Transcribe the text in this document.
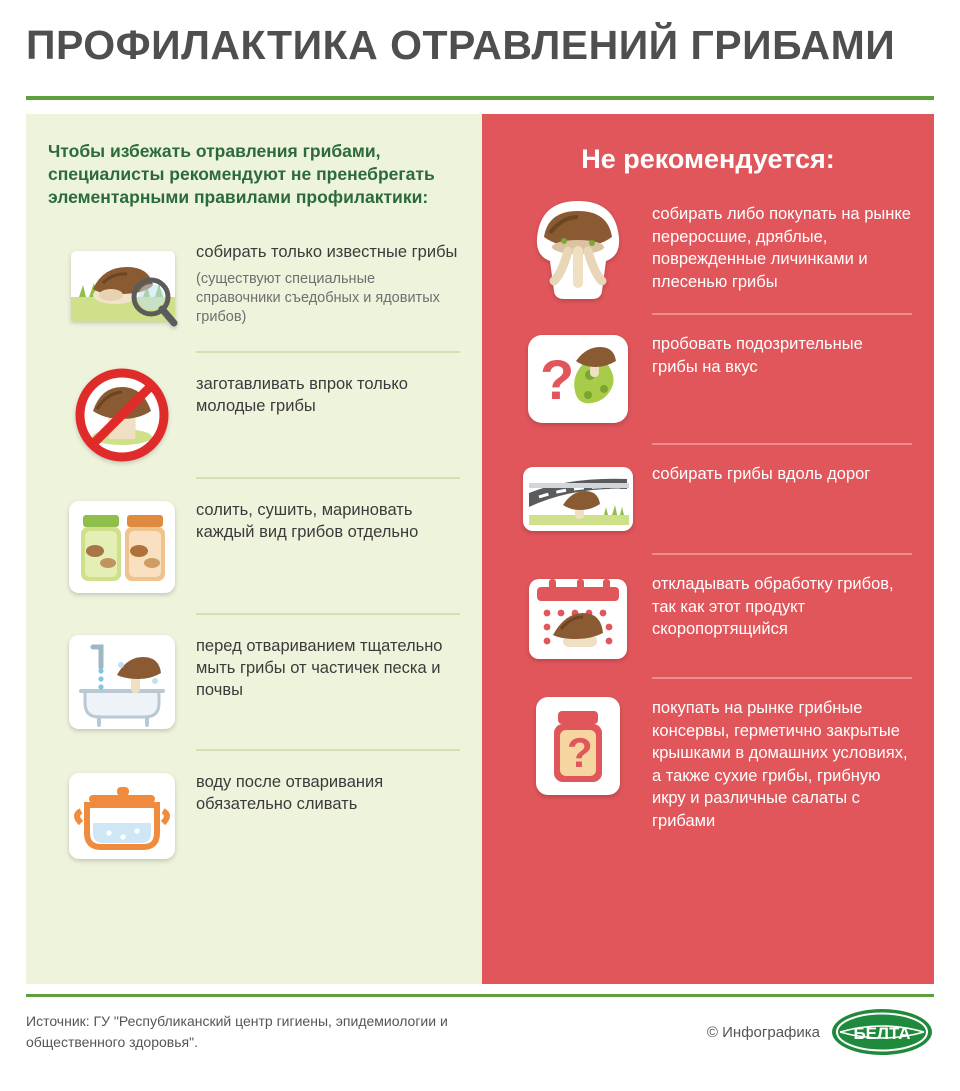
ПРОФИЛАКТИКА ОТРАВЛЕНИЙ ГРИБАМИ
Чтобы избежать отравления грибами, специалисты рекомендуют не пренебрегать элементарными правилами профилактики:
собирать только известные грибы
(существуют специальные справочники съедобных и ядовитых грибов)
заготавливать впрок только молодые грибы
солить, сушить, мариновать каждый вид грибов отдельно
перед отвариванием тщательно мыть грибы от частичек песка и почвы
воду после отваривания обязательно сливать
Не рекомендуется:
собирать либо покупать на рынке переросшие, дряблые, поврежденные личинками и плесенью грибы
?
пробовать подозрительные грибы на вкус
собирать грибы вдоль дорог
откладывать обработку грибов, так как этот продукт скоропортящийся
?
покупать на рынке грибные консервы, герметично закрытые крышками в домашних условиях, а также сухие грибы, грибную икру и различные салаты с грибами
Источник: ГУ "Республиканский центр гигиены, эпидемиологии и общественного здоровья".
© Инфографика БЕЛТА
